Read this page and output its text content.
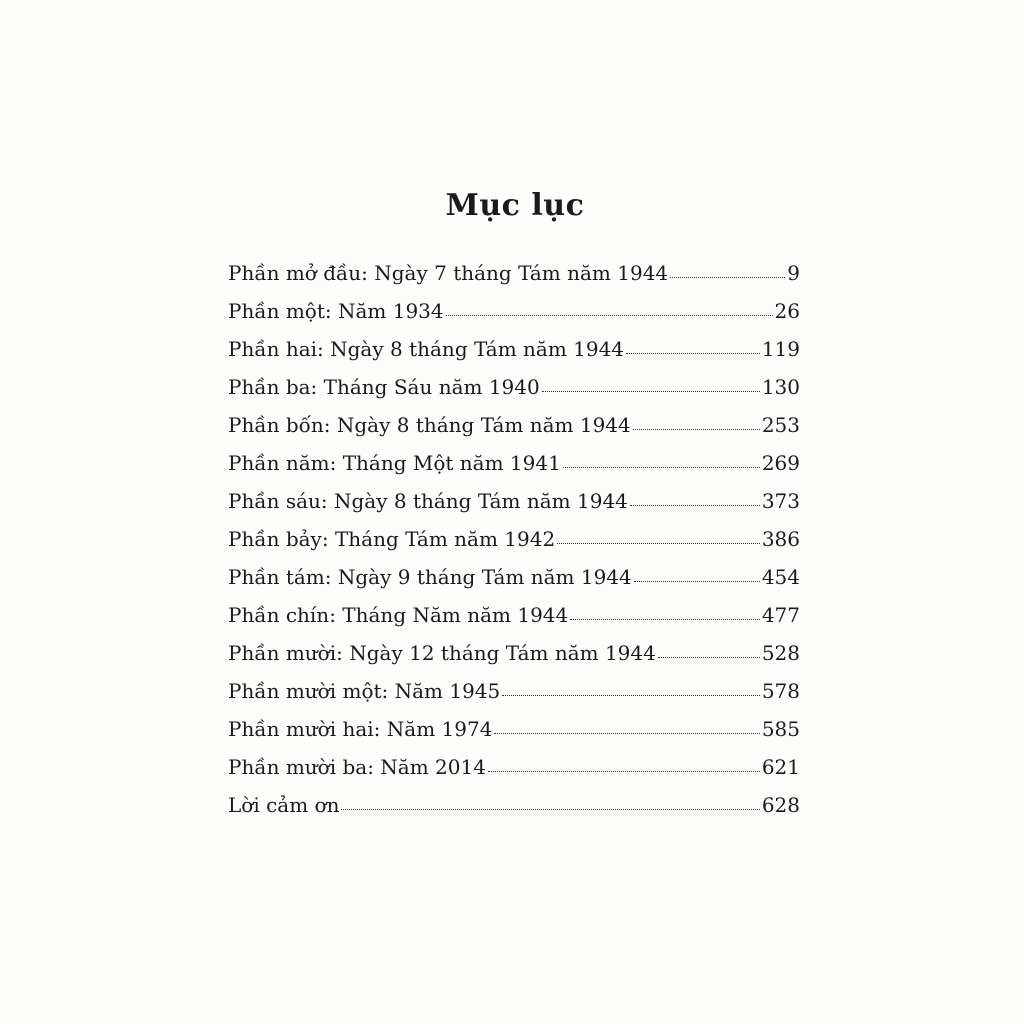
Mục lục
Phần mở đầu: Ngày 7 tháng Tám năm 1944	9
Phần một: Năm 1934	26
Phần hai: Ngày 8 tháng Tám năm 1944	119
Phần ba: Tháng Sáu năm 1940	130
Phần bốn: Ngày 8 tháng Tám năm 1944	253
Phần năm: Tháng Một năm 1941	269
Phần sáu: Ngày 8 tháng Tám năm 1944	373
Phần bảy: Tháng Tám năm 1942	386
Phần tám: Ngày 9 tháng Tám năm 1944	454
Phần chín: Tháng Năm năm 1944	477
Phần mười: Ngày 12 tháng Tám năm 1944	528
Phần mười một: Năm 1945	578
Phần mười hai: Năm 1974	585
Phần mười ba: Năm 2014	621
Lời cảm ơn	628
